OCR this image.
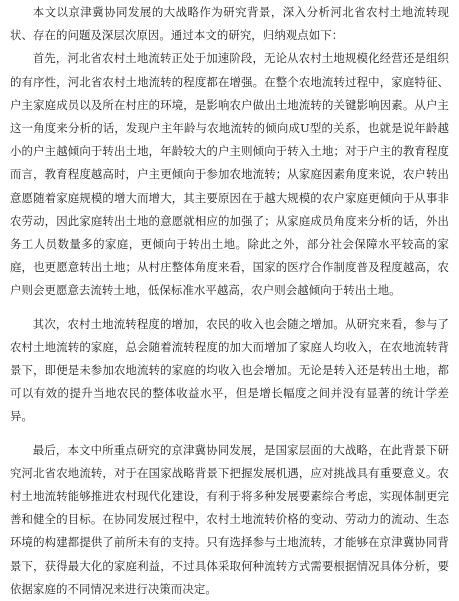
本文以京津冀协同发展的大战略作为研究背景，深入分析河北省农村土地流转现状、存在的问题及深层次原因。通过本文的研究，归纳观点如下：

首先，河北省农村土地流转正处于加速阶段，无论从农村土地规模化经营还是组织的有序性，河北省农村土地流转的程度都在增强。在整个农地流转过程中，家庭特征、户主家庭成员以及所在村庄的环境，是影响农户做出土地流转的关键影响因素。从户主这一角度来分析的话，发现户主年龄与农地流转的倾向成U型的关系，也就是说年龄越小的户主越倾向于转出土地，年龄较大的户主则倾向于转入土地；对于户主的教育程度而言，教育程度越高时，户主更倾向于参加农地流转；从家庭因素角度来说，农户转出意愿随着家庭规模的增大而增大，其主要原因在于越大规模的农户家庭更倾向于从事非农劳动，因此家庭转出土地的意愿就相应的加强了；从家庭成员角度来分析的话，外出务工人员数量多的家庭，更倾向于转出土地。除此之外，部分社会保障水平较高的家庭，也更愿意转出土地；从村庄整体角度来看，国家的医疗合作制度普及程度越高，农户则会更愿意去流转土地，低保标准水平越高，农户则会越倾向于转出土地。

其次，农村土地流转程度的增加，农民的收入也会随之增加。从研究来看，参与了农村土地流转的家庭，总会随着流转程度的加大而增加了家庭人均收入，在农地流转背景下，即便是未参加农地流转的家庭的均收入也会增加。无论是转入还是转出土地，都可以有效的提升当地农民的整体收益水平，但是增长幅度之间并没有显著的统计学差异。

最后，本文中所重点研究的京津冀协同发展，是国家层面的大战略，在此背景下研究河北省农地流转，对于在国家战略背景下把握发展机遇，应对挑战具有重要意义。农村土地流转能够推进农村现代化建设，有利于将多种发展要素综合考虑，实现体制更完善和健全的目标。在协同发展过程中，农村土地流转价格的变动、劳动力的流动、生态环境的构建都提供了前所未有的支持。只有选择参与土地流转，才能够在京津冀协同背景下，获得最大化的家庭利益，不过具体采取何种流转方式需要根据情况具体分析，要依据家庭的不同情况来进行决策而决定。
